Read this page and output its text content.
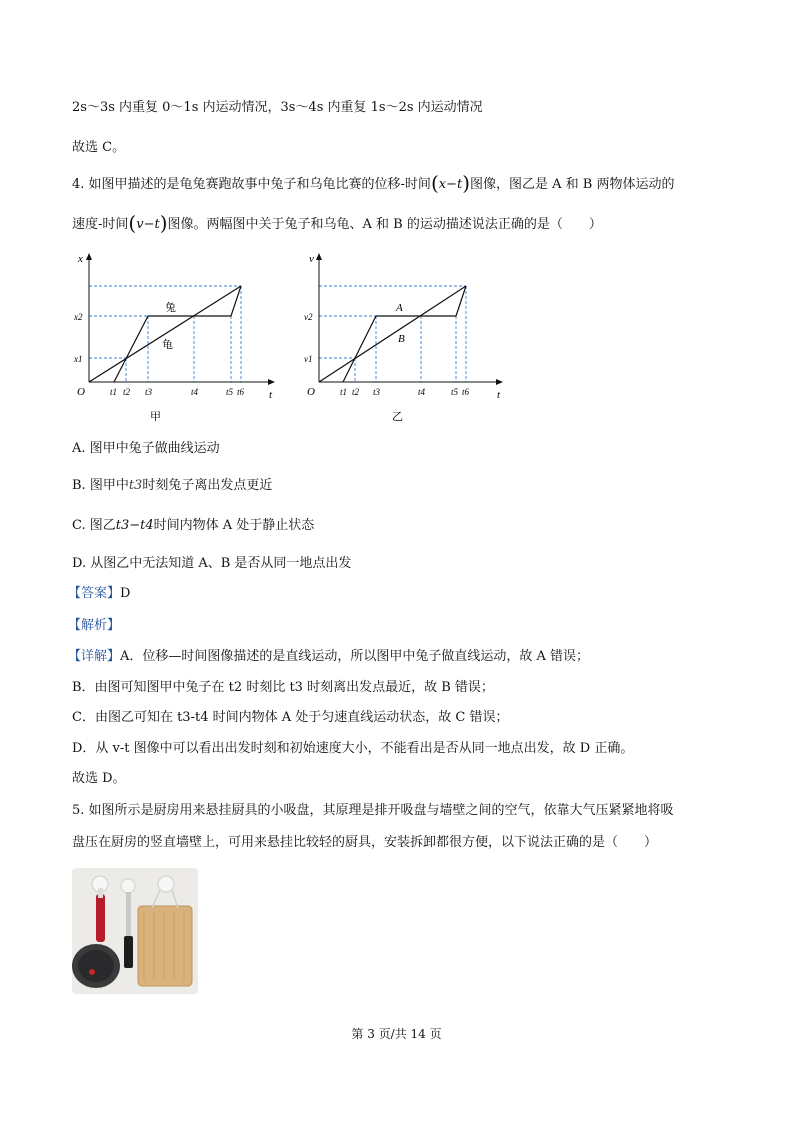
2s～3s 内重复 0～1s 内运动情况，3s～4s 内重复 1s～2s 内运动情况
故选 C。
4. 如图甲描述的是龟兔赛跑故事中兔子和乌龟比赛的位移-时间(x−t)图像，图乙是 A 和 B 两物体运动的
速度-时间(v−t)图像。两幅图中关于兔子和乌龟、A 和 B 的运动描述说法正确的是（　　）
x
t
O
x2
x1
t1 t2 t3	t4	t5 t6
兔
龟
甲
v
t
O
v2
v1
t1 t2 t3	t4	t5 t6
A
B
乙
A. 图甲中兔子做曲线运动
B. 图甲中t3时刻兔子离出发点更近
C. 图乙t3−t4时间内物体 A 处于静止状态
D. 从图乙中无法知道 A、B 是否从同一地点出发
【答案】D
【解析】
【详解】A．位移—时间图像描述的是直线运动，所以图甲中兔子做直线运动，故 A 错误；
B．由图可知图甲中兔子在 t2 时刻比 t3 时刻离出发点最近，故 B 错误；
C．由图乙可知在 t3-t4 时间内物体 A 处于匀速直线运动状态，故 C 错误；
D．从 v-t 图像中可以看出出发时刻和初始速度大小，不能看出是否从同一地点出发，故 D 正确。
故选 D。
5. 如图所示是厨房用来悬挂厨具的小吸盘，其原理是排开吸盘与墙壁之间的空气，依靠大气压紧紧地将吸
盘压在厨房的竖直墙壁上，可用来悬挂比较轻的厨具，安装拆卸都很方便，以下说法正确的是（　　）
第 3 页/共 14 页
